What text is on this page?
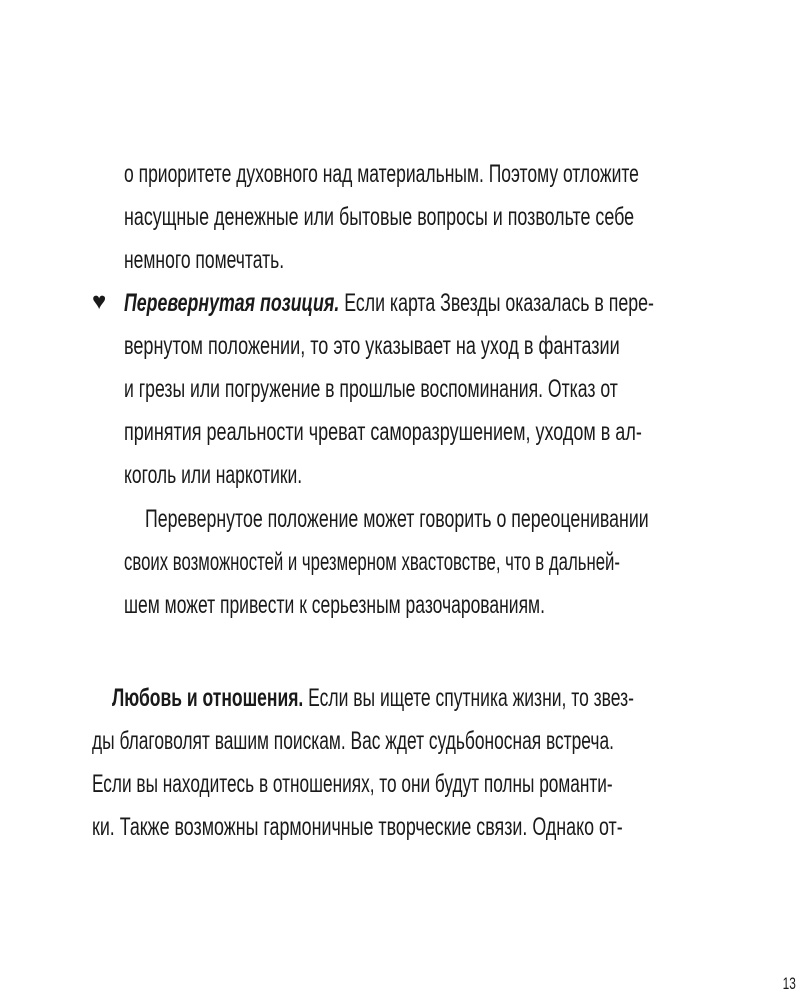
о приоритете духовного над материальным. Поэтому отложите
насущные денежные или бытовые вопросы и позвольте себе
немного помечтать.
♥ Перевернутая позиция. Если карта Звезды оказалась в пере-
вернутом положении, то это указывает на уход в фантазии
и грезы или погружение в прошлые воспоминания. Отказ от
принятия реальности чреват саморазрушением, уходом в ал-
коголь или наркотики.
Перевернутое положение может говорить о переоценивании
своих возможностей и чрезмерном хвастовстве, что в дальней-
шем может привести к серьезным разочарованиям.
Любовь и отношения. Если вы ищете спутника жизни, то звез-
ды благоволят вашим поискам. Вас ждет судьбоносная встреча.
Если вы находитесь в отношениях, то они будут полны романти-
ки. Также возможны гармоничные творческие связи. Однако от-
13
